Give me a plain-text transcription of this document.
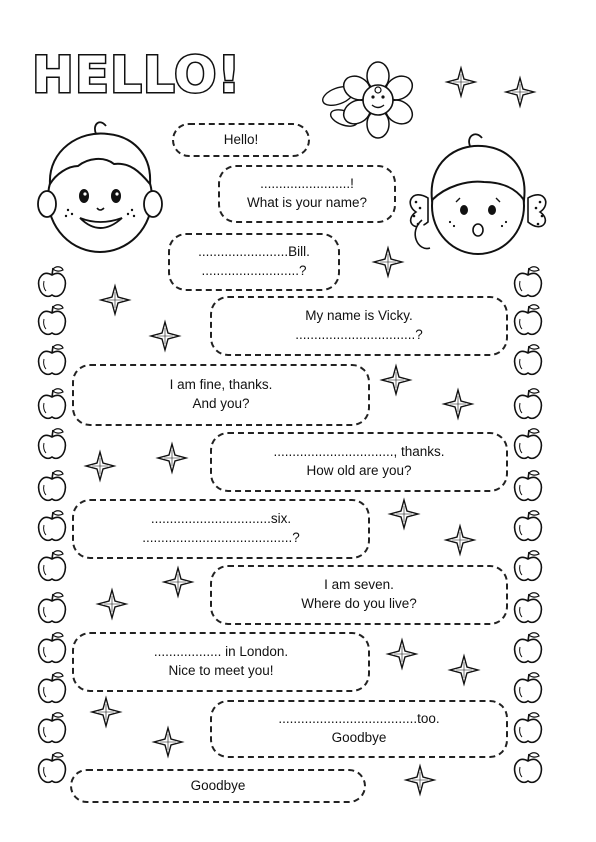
HELLO!
Hello!
........................!
What is your name?
........................Bill.
..........................?
My name is Vicky.
................................?
I am fine, thanks.
And you?
................................, thanks.
How old are you?
................................six.
........................................?
I am seven.
Where do you live?
.................. in London.
Nice to meet you!
.....................................too.
Goodbye
Goodbye
